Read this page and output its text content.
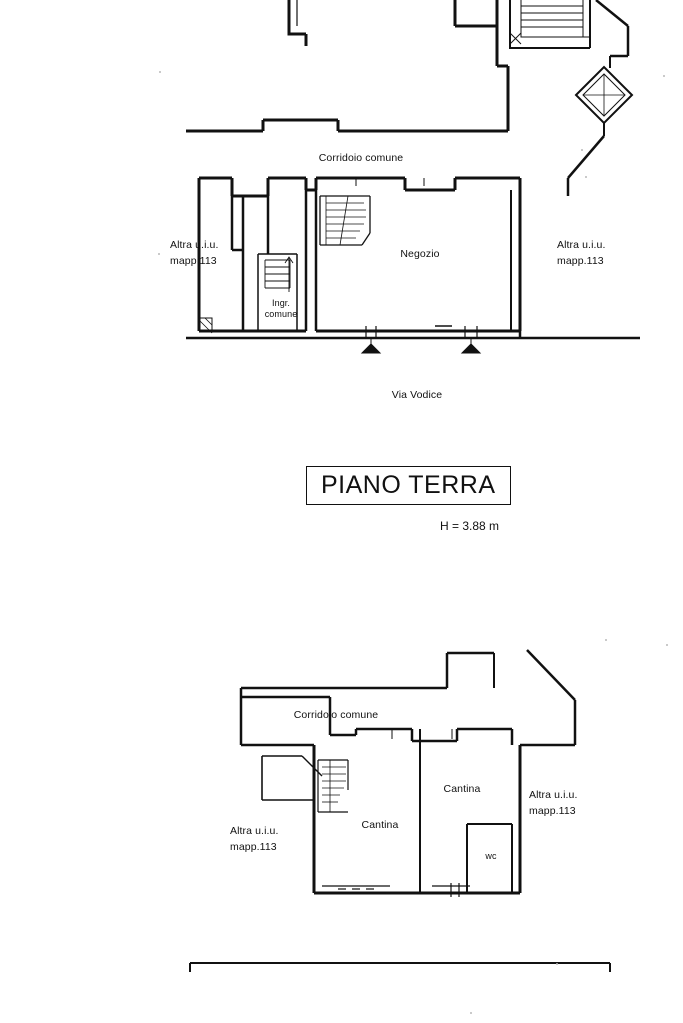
Corridoio comune
Altra u.i.u.
mapp.113
Altra u.i.u.
mapp.113
Negozio
Ingr.
comune
Via Vodice
PIANO TERRA
H = 3.88 m
Corridoio comune
Altra u.i.u.
mapp.113
Altra u.i.u.
mapp.113
Cantina
Cantina
wc
